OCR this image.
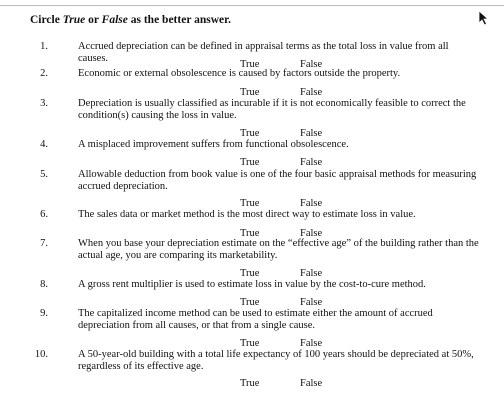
Circle True or False as the better answer.
1.	Accrued depreciation can be defined in appraisal terms as the total loss in value from all causes.
True	False
2.	Economic or external obsolescence is caused by factors outside the property.
True	False
3.	Depreciation is usually classified as incurable if it is not economically feasible to correct the condition(s) causing the loss in value.
True	False
4.	A misplaced improvement suffers from functional obsolescence.
True	False
5.	Allowable deduction from book value is one of the four basic appraisal methods for measuring accrued depreciation.
True	False
6.	The sales data or market method is the most direct way to estimate loss in value.
True	False
7.	When you base your depreciation estimate on the “effective age” of the building rather than the actual age, you are comparing its marketability.
True	False
8.	A gross rent multiplier is used to estimate loss in value by the cost-to-cure method.
True	False
9.	The capitalized income method can be used to estimate either the amount of accrued depreciation from all causes, or that from a single cause.
True	False
10.	A 50-year-old building with a total life expectancy of 100 years should be depreciated at 50%, regardless of its effective age.
True	False
